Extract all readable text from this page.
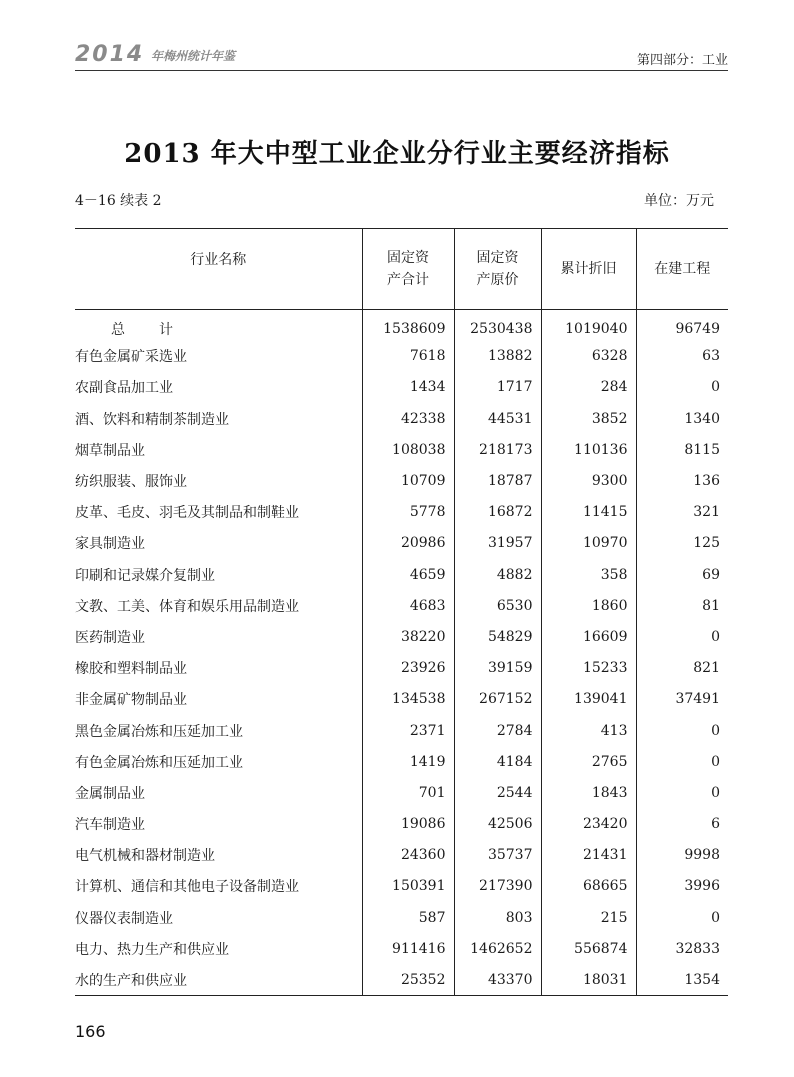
2014 年梅州统计年鉴	第四部分：工业
2013 年大中型工业企业分行业主要经济指标
4－16 续表 2	单位：万元
行业名称	固定资产合计	固定资产原价	累计折旧	在建工程
总　计	1538609	2530438	1019040	96749
有色金属矿采选业	7618	13882	6328	63
农副食品加工业	1434	1717	284	0
酒、饮料和精制茶制造业	42338	44531	3852	1340
烟草制品业	108038	218173	110136	8115
纺织服装、服饰业	10709	18787	9300	136
皮革、毛皮、羽毛及其制品和制鞋业	5778	16872	11415	321
家具制造业	20986	31957	10970	125
印刷和记录媒介复制业	4659	4882	358	69
文教、工美、体育和娱乐用品制造业	4683	6530	1860	81
医药制造业	38220	54829	16609	0
橡胶和塑料制品业	23926	39159	15233	821
非金属矿物制品业	134538	267152	139041	37491
黑色金属冶炼和压延加工业	2371	2784	413	0
有色金属冶炼和压延加工业	1419	4184	2765	0
金属制品业	701	2544	1843	0
汽车制造业	19086	42506	23420	6
电气机械和器材制造业	24360	35737	21431	9998
计算机、通信和其他电子设备制造业	150391	217390	68665	3996
仪器仪表制造业	587	803	215	0
电力、热力生产和供应业	911416	1462652	556874	32833
水的生产和供应业	25352	43370	18031	1354
166
